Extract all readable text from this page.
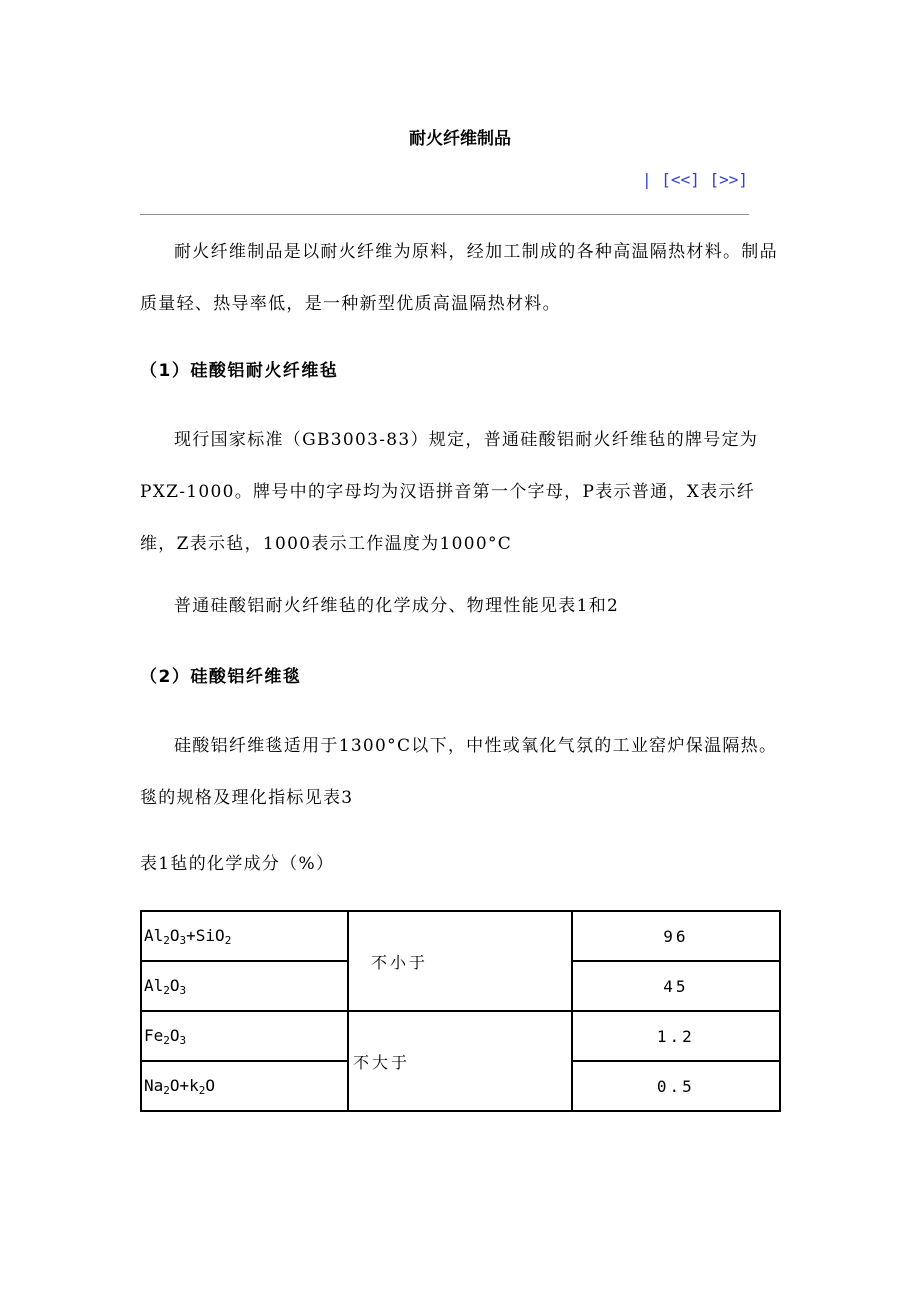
耐火纤维制品
| [<<] [>>]

耐火纤维制品是以耐火纤维为原料，经加工制成的各种高温隔热材料。制品质量轻、热导率低，是一种新型优质高温隔热材料。

（1）硅酸铝耐火纤维毡

现行国家标准（GB3003-83）规定，普通硅酸铝耐火纤维毡的牌号定为PXZ-1000。牌号中的字母均为汉语拼音第一个字母，P表示普通，X表示纤维，Z表示毡，1000表示工作温度为1000°C

普通硅酸铝耐火纤维毡的化学成分、物理性能见表1和2

（2）硅酸铝纤维毯

硅酸铝纤维毯适用于1300°C以下，中性或氧化气氛的工业窑炉保温隔热。毯的规格及理化指标见表3

表1毡的化学成分（%）

$Al_2O_3+SiO_2$	不小于	96
$Al_2O_3$		45
$Fe_2O_3$	不大于	1.2
$Na_2O+k_2O$		0.5
